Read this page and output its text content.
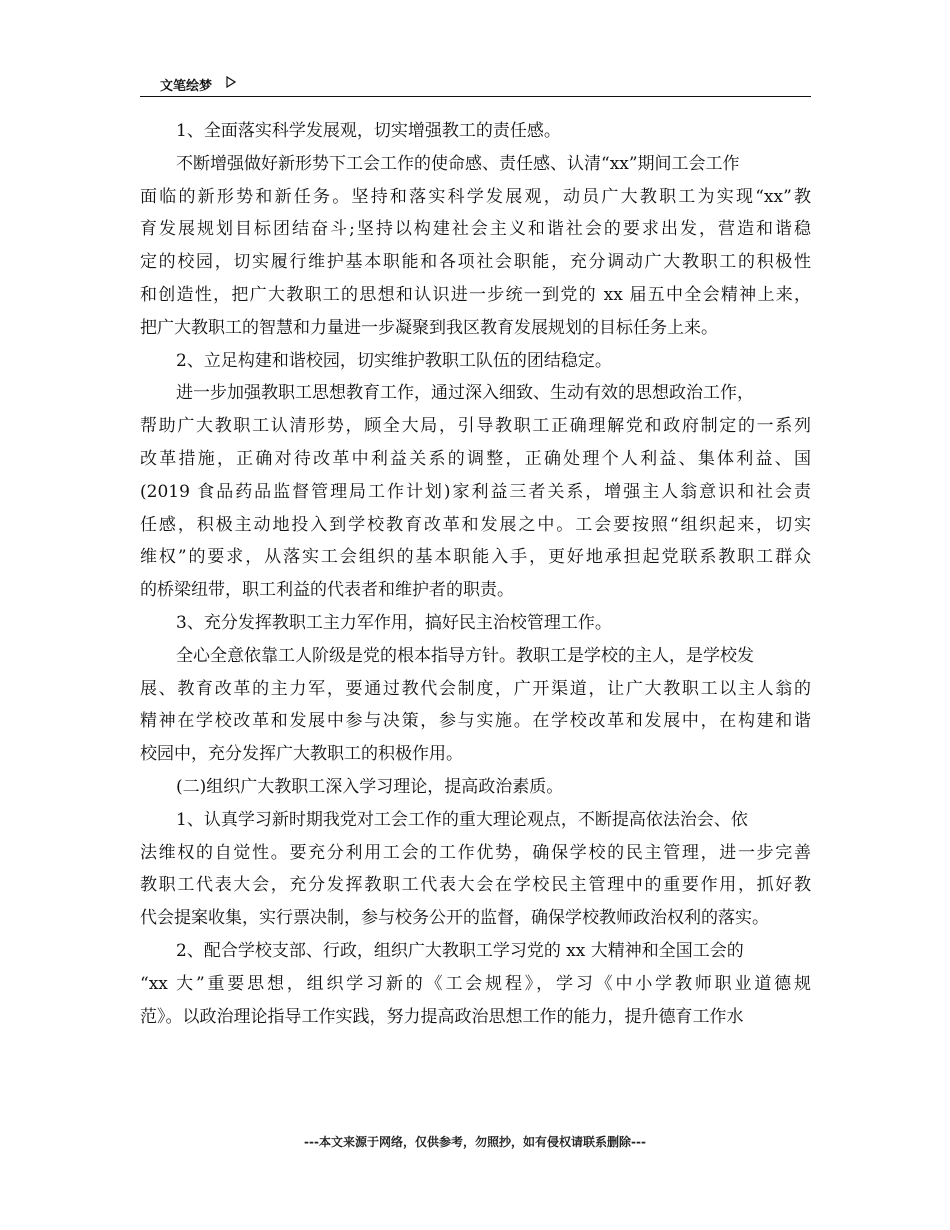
文笔绘梦
1、全面落实科学发展观，切实增强教工的责任感。
不断增强做好新形势下工会工作的使命感、责任感、认清“xx”期间工会工作
面临的新形势和新任务。坚持和落实科学发展观，动员广大教职工为实现“xx”教
育发展规划目标团结奋斗;坚持以构建社会主义和谐社会的要求出发，营造和谐稳
定的校园，切实履行维护基本职能和各项社会职能，充分调动广大教职工的积极性
和创造性，把广大教职工的思想和认识进一步统一到党的 xx 届五中全会精神上来，
把广大教职工的智慧和力量进一步凝聚到我区教育发展规划的目标任务上来。
2、立足构建和谐校园，切实维护教职工队伍的团结稳定。
进一步加强教职工思想教育工作，通过深入细致、生动有效的思想政治工作，
帮助广大教职工认清形势，顾全大局，引导教职工正确理解党和政府制定的一系列
改革措施，正确对待改革中利益关系的调整，正确处理个人利益、集体利益、国
(2019 食品药品监督管理局工作计划)家利益三者关系，增强主人翁意识和社会责
任感，积极主动地投入到学校教育改革和发展之中。工会要按照“组织起来，切实
维权”的要求，从落实工会组织的基本职能入手，更好地承担起党联系教职工群众
的桥梁纽带，职工利益的代表者和维护者的职责。
3、充分发挥教职工主力军作用，搞好民主治校管理工作。
全心全意依靠工人阶级是党的根本指导方针。教职工是学校的主人，是学校发
展、教育改革的主力军，要通过教代会制度，广开渠道，让广大教职工以主人翁的
精神在学校改革和发展中参与决策，参与实施。在学校改革和发展中，在构建和谐
校园中，充分发挥广大教职工的积极作用。
(二)组织广大教职工深入学习理论，提高政治素质。
1、认真学习新时期我党对工会工作的重大理论观点，不断提高依法治会、依
法维权的自觉性。要充分利用工会的工作优势，确保学校的民主管理，进一步完善
教职工代表大会，充分发挥教职工代表大会在学校民主管理中的重要作用，抓好教
代会提案收集，实行票决制，参与校务公开的监督，确保学校教师政治权利的落实。
2、配合学校支部、行政，组织广大教职工学习党的 xx 大精神和全国工会的
“xx 大”重要思想，组织学习新的《工会规程》，学习《中小学教师职业道德规
范》。以政治理论指导工作实践，努力提高政治思想工作的能力，提升德育工作水
---本文来源于网络，仅供参考，勿照抄，如有侵权请联系删除---
